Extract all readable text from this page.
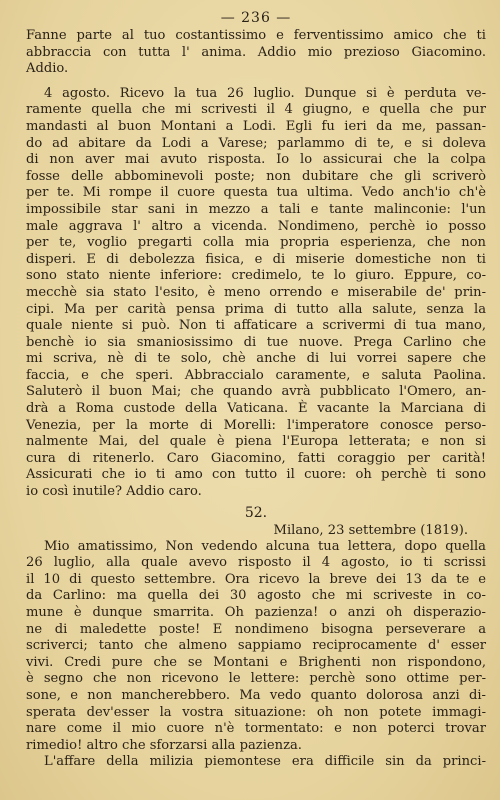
— 236 —
Fanne parte al tuo costantissimo e ferventissimo amico che ti
abbraccia con tutta l' anima. Addio mio prezioso Giacomino.
Addio.
4 agosto. Ricevo la tua 26 luglio. Dunque si è perduta ve-
ramente quella che mi scrivesti il 4 giugno, e quella che pur
mandasti al buon Montani a Lodi. Egli fu ieri da me, passan-
do ad abitare da Lodi a Varese; parlammo di te, e si doleva
di non aver mai avuto risposta. Io lo assicurai che la colpa
fosse delle abbominevoli poste; non dubitare che gli scriverò
per te. Mi rompe il cuore questa tua ultima. Vedo anch'io ch'è
impossibile star sani in mezzo a tali e tante malinconie: l'un
male aggrava l' altro a vicenda. Nondimeno, perchè io posso
per te, voglio pregarti colla mia propria esperienza, che non
disperi. E di debolezza fisica, e di miserie domestiche non ti
sono stato niente inferiore: credimelo, te lo giuro. Eppure, co-
mecchè sia stato l'esito, è meno orrendo e miserabile de' prin-
cipi. Ma per carità pensa prima di tutto alla salute, senza la
quale niente si può. Non ti affaticare a scrivermi di tua mano,
benchè io sia smaniosissimo di tue nuove. Prega Carlino che
mi scriva, nè di te solo, chè anche di lui vorrei sapere che
faccia, e che speri. Abbraccialo caramente, e saluta Paolina.
Saluterò il buon Mai; che quando avrà pubblicato l'Omero, an-
drà a Roma custode della Vaticana. È vacante la Marciana di
Venezia, per la morte di Morelli: l'imperatore conosce perso-
nalmente Mai, del quale è piena l'Europa letterata; e non si
cura di ritenerlo. Caro Giacomino, fatti coraggio per carità!
Assicurati che io ti amo con tutto il cuore: oh perchè ti sono
io così inutile? Addio caro.
52.
Milano, 23 settembre (1819).
Mio amatissimo, Non vedendo alcuna tua lettera, dopo quella
26 luglio, alla quale avevo risposto il 4 agosto, io ti scrissi
il 10 di questo settembre. Ora ricevo la breve dei 13 da te e
da Carlino: ma quella dei 30 agosto che mi scriveste in co-
mune è dunque smarrita. Oh pazienza! o anzi oh disperazio-
ne di maledette poste! E nondimeno bisogna perseverare a
scriverci; tanto che almeno sappiamo reciprocamente d' esser
vivi. Credi pure che se Montani e Brighenti non rispondono,
è segno che non ricevono le lettere: perchè sono ottime per-
sone, e non mancherebbero. Ma vedo quanto dolorosa anzi di-
sperata dev'esser la vostra situazione: oh non potete immagi-
nare come il mio cuore n'è tormentato: e non poterci trovar
rimedio! altro che sforzarsi alla pazienza.
L'affare della milizia piemontese era difficile sin da princi-
